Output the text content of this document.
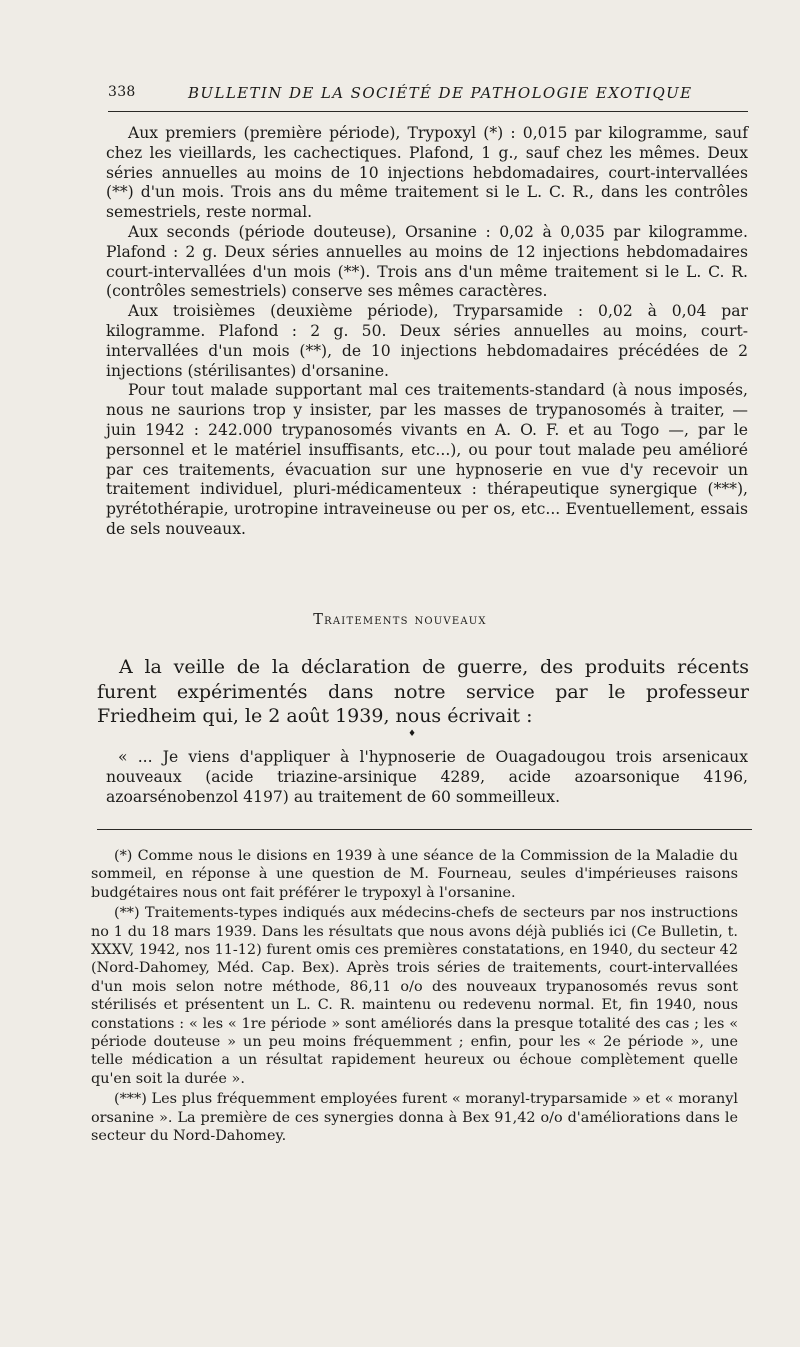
338	BULLETIN DE LA SOCIÉTÉ DE PATHOLOGIE EXOTIQUE

Aux premiers (première période), Trypoxyl (*) : 0,015 par kilogramme, sauf chez les vieillards, les cachectiques. Plafond, 1 g., sauf chez les mêmes. Deux séries annuelles au moins de 10 injections hebdomadaires, court-intervallées (**) d'un mois. Trois ans du même traitement si le L. C. R., dans les contrôles semestriels, reste normal.

Aux seconds (période douteuse), Orsanine : 0,02 à 0,035 par kilogramme. Plafond : 2 g. Deux séries annuelles au moins de 12 injections hebdomadaires court-intervallées d'un mois (**). Trois ans d'un même traitement si le L. C. R. (contrôles semestriels) conserve ses mêmes caractères.

Aux troisièmes (deuxième période), Tryparsamide : 0,02 à 0,04 par kilogramme. Plafond : 2 g. 50. Deux séries annuelles au moins, court-intervallées d'un mois (**), de 10 injections hebdomadaires précédées de 2 injections (stérilisantes) d'orsanine.

Pour tout malade supportant mal ces traitements-standard (à nous imposés, nous ne saurions trop y insister, par les masses de trypanosomés à traiter, — juin 1942 : 242.000 trypanosomés vivants en A. O. F. et au Togo —, par le personnel et le matériel insuffisants, etc...), ou pour tout malade peu amélioré par ces traitements, évacuation sur une hypnoserie en vue d'y recevoir un traitement individuel, pluri-médicamenteux : thérapeutique synergique (***), pyrétothérapie, urotropine intraveineuse ou per os, etc... Eventuellement, essais de sels nouveaux.

Traitements nouveaux

A la veille de la déclaration de guerre, des produits récents furent expérimentés dans notre service par le professeur Friedheim qui, le 2 août 1939, nous écrivait :

♦

« ... Je viens d'appliquer à l'hypnoserie de Ouagadougou trois arsenicaux nouveaux (acide triazine-arsinique 4289, acide azoarsonique 4196, azoarsénobenzol 4197) au traitement de 60 sommeilleux.

(*) Comme nous le disions en 1939 à une séance de la Commission de la Maladie du sommeil, en réponse à une question de M. Fourneau, seules d'impérieuses raisons budgétaires nous ont fait préférer le trypoxyl à l'orsanine.

(**) Traitements-types indiqués aux médecins-chefs de secteurs par nos instructions no 1 du 18 mars 1939. Dans les résultats que nous avons déjà publiés ici (Ce Bulletin, t. XXXV, 1942, nos 11-12) furent omis ces premières constatations, en 1940, du secteur 42 (Nord-Dahomey, Méd. Cap. Bex). Après trois séries de traitements, court-intervallées d'un mois selon notre méthode, 86,11 o/o des nouveaux trypanosomés revus sont stérilisés et présentent un L. C. R. maintenu ou redevenu normal. Et, fin 1940, nous constations : « les « 1re période » sont améliorés dans la presque totalité des cas ; les « période douteuse » un peu moins fréquemment ; enfin, pour les « 2e période », une telle médication a un résultat rapidement heureux ou échoue complètement quelle qu'en soit la durée ».

(***) Les plus fréquemment employées furent « moranyl-tryparsamide » et « moranyl orsanine ». La première de ces synergies donna à Bex 91,42 o/o d'améliorations dans le secteur du Nord-Dahomey.
